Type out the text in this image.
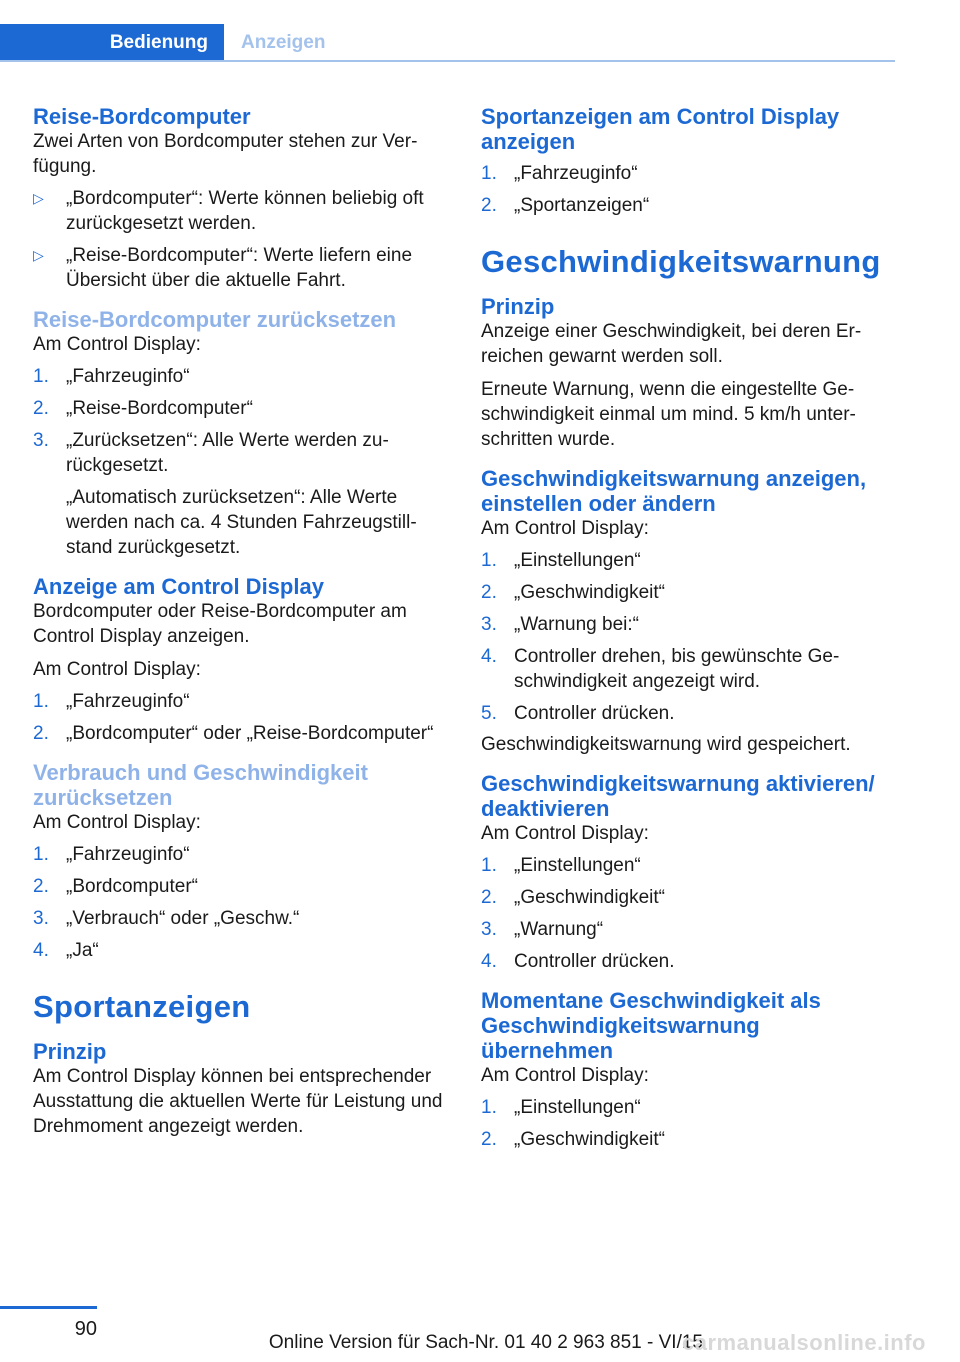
Bedienung	Anzeigen
Reise-Bordcomputer

Zwei Arten von Bordcomputer stehen zur Verfügung.

▷ „Bordcomputer“: Werte können beliebig oft zurückgesetzt werden.

▷ „Reise-Bordcomputer“: Werte liefern eine Übersicht über die aktuelle Fahrt.

Reise-Bordcomputer zurücksetzen

Am Control Display:

1. „Fahrzeuginfo“

2. „Reise-Bordcomputer“

3. „Zurücksetzen“: Alle Werte werden zurückgesetzt.

„Automatisch zurücksetzen“: Alle Werte werden nach ca. 4 Stunden Fahrzeugstillstand zurückgesetzt.

Anzeige am Control Display

Bordcomputer oder Reise-Bordcomputer am Control Display anzeigen.

Am Control Display:

1. „Fahrzeuginfo“

2. „Bordcomputer“ oder „Reise-Bordcomputer“

Verbrauch und Geschwindigkeit zurücksetzen

Am Control Display:

1. „Fahrzeuginfo“

2. „Bordcomputer“

3. „Verbrauch“ oder „Geschw.“

4. „Ja“

Sportanzeigen
Prinzip

Am Control Display können bei entsprechender Ausstattung die aktuellen Werte für Leistung und Drehmoment angezeigt werden.

Sportanzeigen am Control Display anzeigen
1. „Fahrzeuginfo“

2. „Sportanzeigen“

Geschwindigkeitswarnung
Prinzip

Anzeige einer Geschwindigkeit, bei deren Erreichen gewarnt werden soll.

Erneute Warnung, wenn die eingestellte Geschwindigkeit einmal um mind. 5 km/h unterschritten wurde.

Geschwindigkeitswarnung anzeigen, einstellen oder ändern

Am Control Display:

1. „Einstellungen“

2. „Geschwindigkeit“

3. „Warnung bei:“

4. Controller drehen, bis gewünschte Geschwindigkeit angezeigt wird.

5. Controller drücken.

Geschwindigkeitswarnung wird gespeichert.

Geschwindigkeitswarnung aktivieren/ deaktivieren

Am Control Display:

1. „Einstellungen“

2. „Geschwindigkeit“

3. „Warnung“

4. Controller drücken.

Momentane Geschwindigkeit als Geschwindigkeitswarnung übernehmen

Am Control Display:

1. „Einstellungen“

2. „Geschwindigkeit“

90
Online Version für Sach-Nr. 01 40 2 963 851 - VI/15
carmanualsonline.info
